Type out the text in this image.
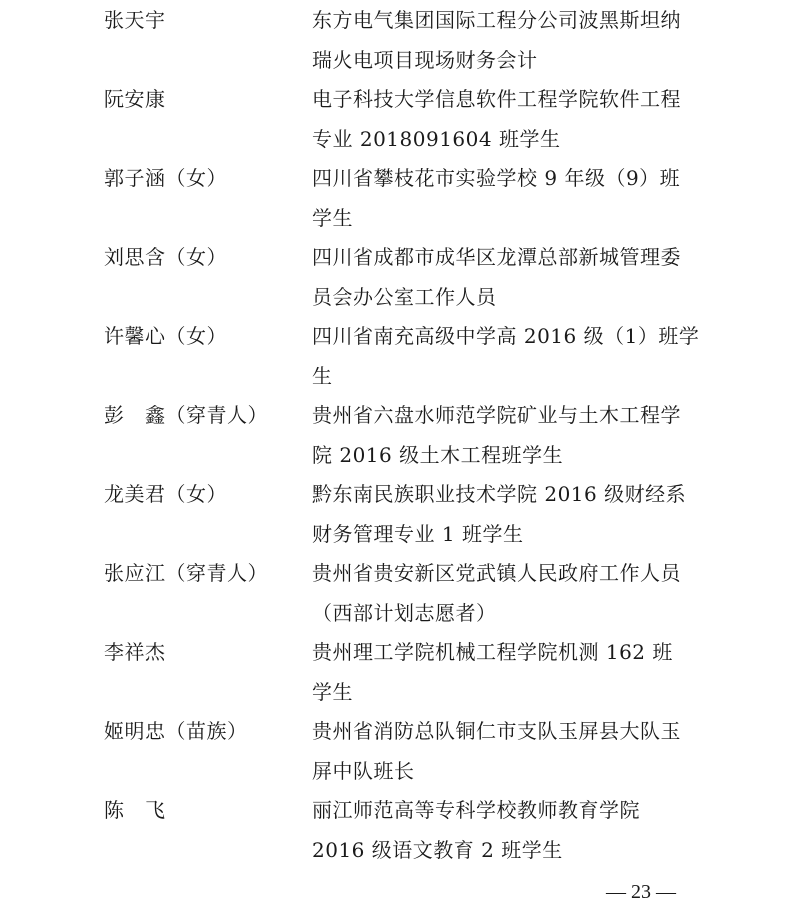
张天宇	东方电气集团国际工程分公司波黑斯坦纳
瑞火电项目现场财务会计
阮安康	电子科技大学信息软件工程学院软件工程
专业 2018091604 班学生
郭子涵（女）	四川省攀枝花市实验学校 9 年级（9）班
学生
刘思含（女）	四川省成都市成华区龙潭总部新城管理委
员会办公室工作人员
许馨心（女）	四川省南充高级中学高 2016 级（1）班学
生
彭　鑫（穿青人） 贵州省六盘水师范学院矿业与土木工程学
院 2016 级土木工程班学生
龙美君（女）	黔东南民族职业技术学院 2016 级财经系
财务管理专业 1 班学生
张应江（穿青人） 贵州省贵安新区党武镇人民政府工作人员
（西部计划志愿者）
李祥杰	贵州理工学院机械工程学院机测 162 班
学生
姬明忠（苗族）	贵州省消防总队铜仁市支队玉屏县大队玉
屏中队班长
陈　飞	丽江师范高等专科学校教师教育学院
2016 级语文教育 2 班学生
— 23 —
